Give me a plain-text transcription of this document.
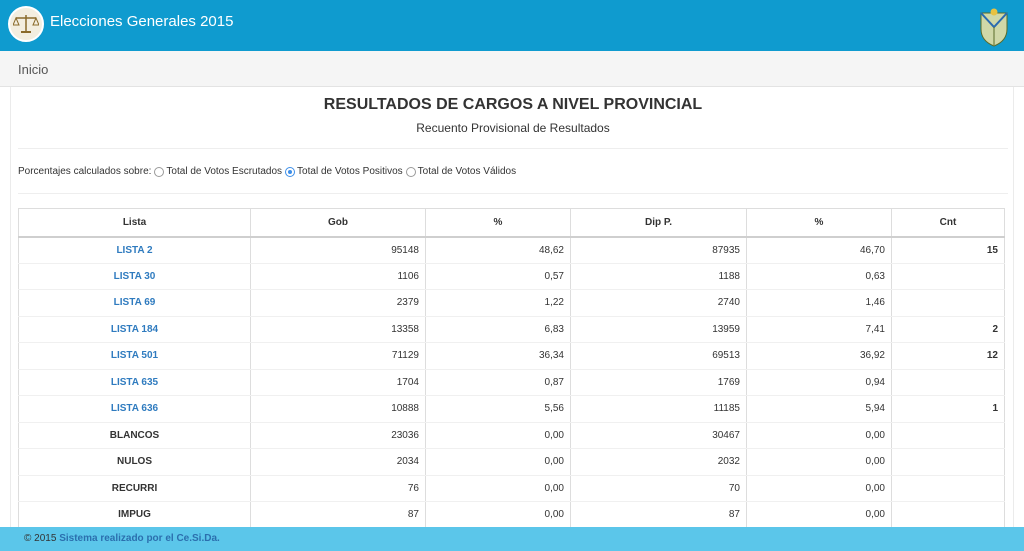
Elecciones Generales 2015
Inicio
RESULTADOS DE CARGOS A NIVEL PROVINCIAL
Recuento Provisional de Resultados
Porcentajes calculados sobre: Total de Votos Escrutados Total de Votos Positivos Total de Votos Válidos
Lista	Gob	%	Dip P.	%	Cnt
LISTA 2	95148	48,62	87935	46,70	15
LISTA 30	1106	0,57	1188	0,63	
LISTA 69	2379	1,22	2740	1,46	
LISTA 184	13358	6,83	13959	7,41	2
LISTA 501	71129	36,34	69513	36,92	12
LISTA 635	1704	0,87	1769	0,94	
LISTA 636	10888	5,56	11185	5,94	1
BLANCOS	23036	0,00	30467	0,00	
NULOS	2034	0,00	2032	0,00	
RECURRI	76	0,00	70	0,00	
IMPUG	87	0,00	87	0,00	
© 2015 Sistema realizado por el Ce.Si.Da.
